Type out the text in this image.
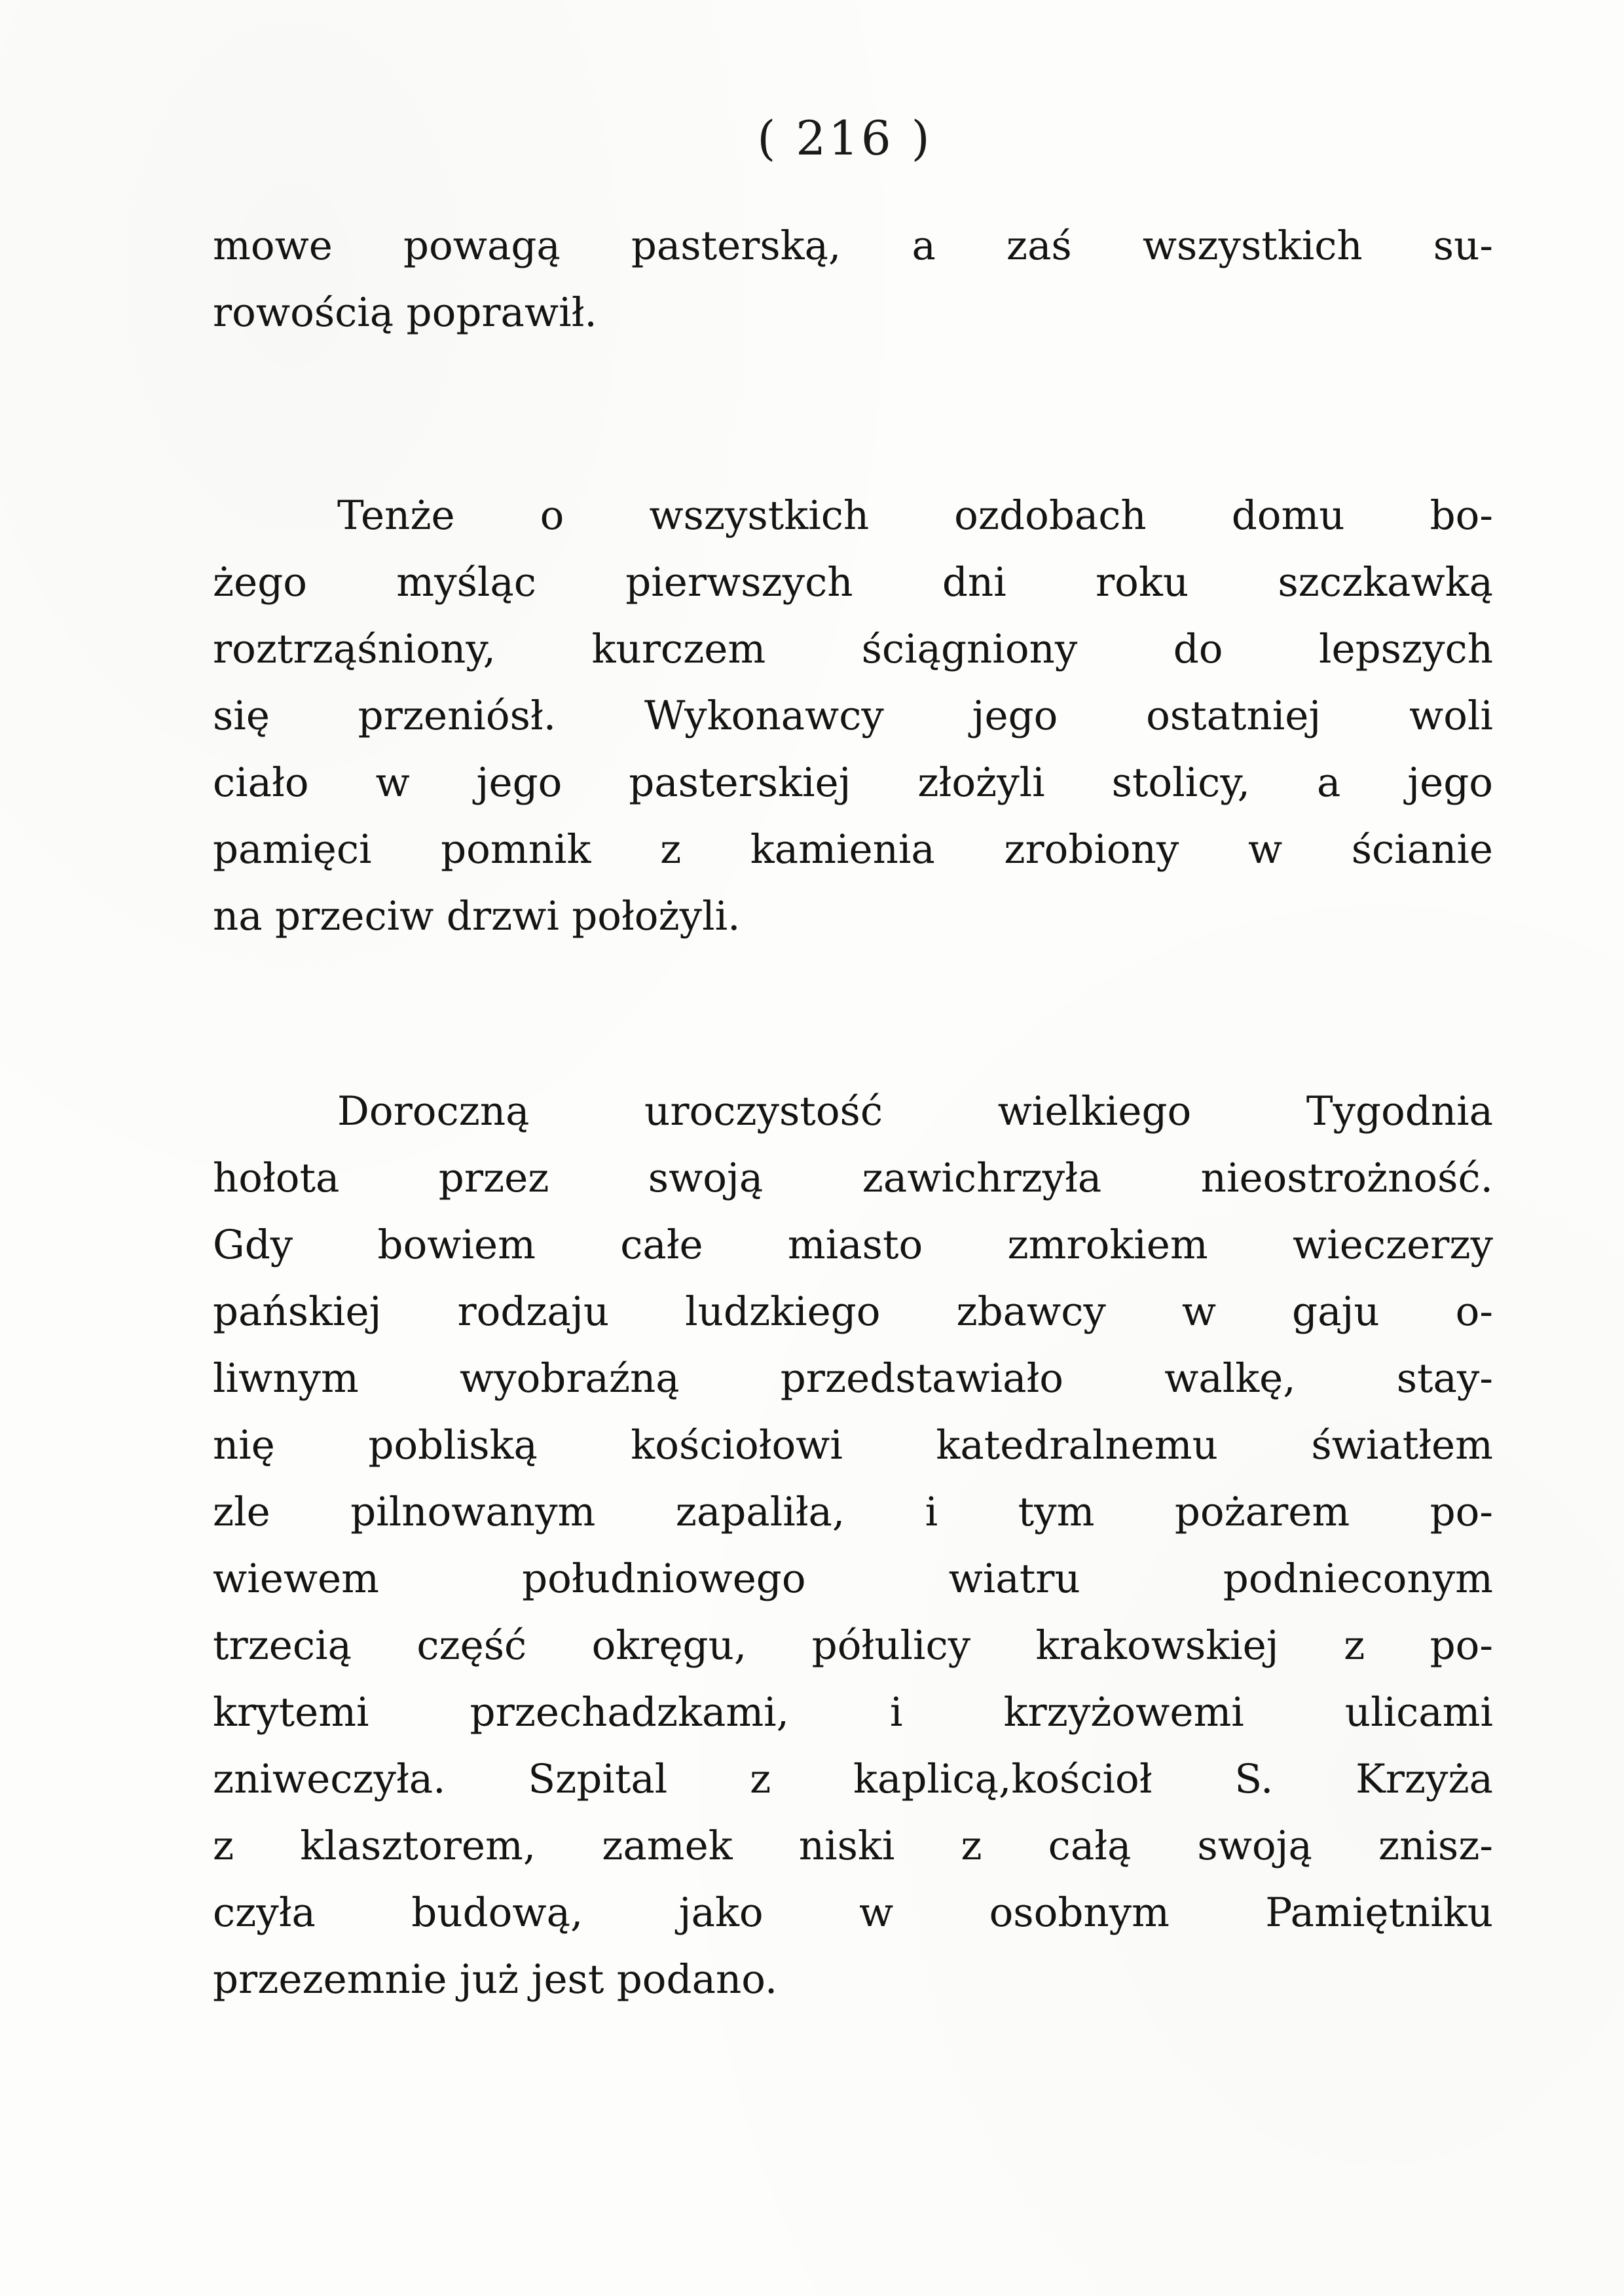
( 216 )
mowe powagą pasterską, a zaś wszystkich su-
rowością poprawił.
Tenże o wszystkich ozdobach domu bo-
żego myśląc pierwszych dni roku szczkawką
roztrząśniony, kurczem ściągniony do lepszych
się przeniósł. Wykonawcy jego ostatniej woli
ciało w jego pasterskiej złożyli stolicy, a jego
pamięci pomnik z kamienia zrobiony w ścianie
na przeciw drzwi położyli.
Doroczną uroczystość wielkiego Tygodnia
hołota przez swoją zawichrzyła nieostrożność.
Gdy bowiem całe miasto zmrokiem wieczerzy
pańskiej rodzaju ludzkiego zbawcy w gaju o-
liwnym wyobraźną przedstawiało walkę, stay-
nię pobliską kościołowi katedralnemu światłem
zle pilnowanym zapaliła, i tym pożarem po-
wiewem południowego wiatru podnieconym
trzecią część okręgu, półulicy krakowskiej z po-
krytemi przechadzkami, i krzyżowemi ulicami
zniweczyła. Szpital z kaplicą,kościoł S. Krzyża
z klasztorem, zamek niski z całą swoją znisz-
czyła budową, jako w osobnym Pamiętniku
przezemnie już jest podano.
